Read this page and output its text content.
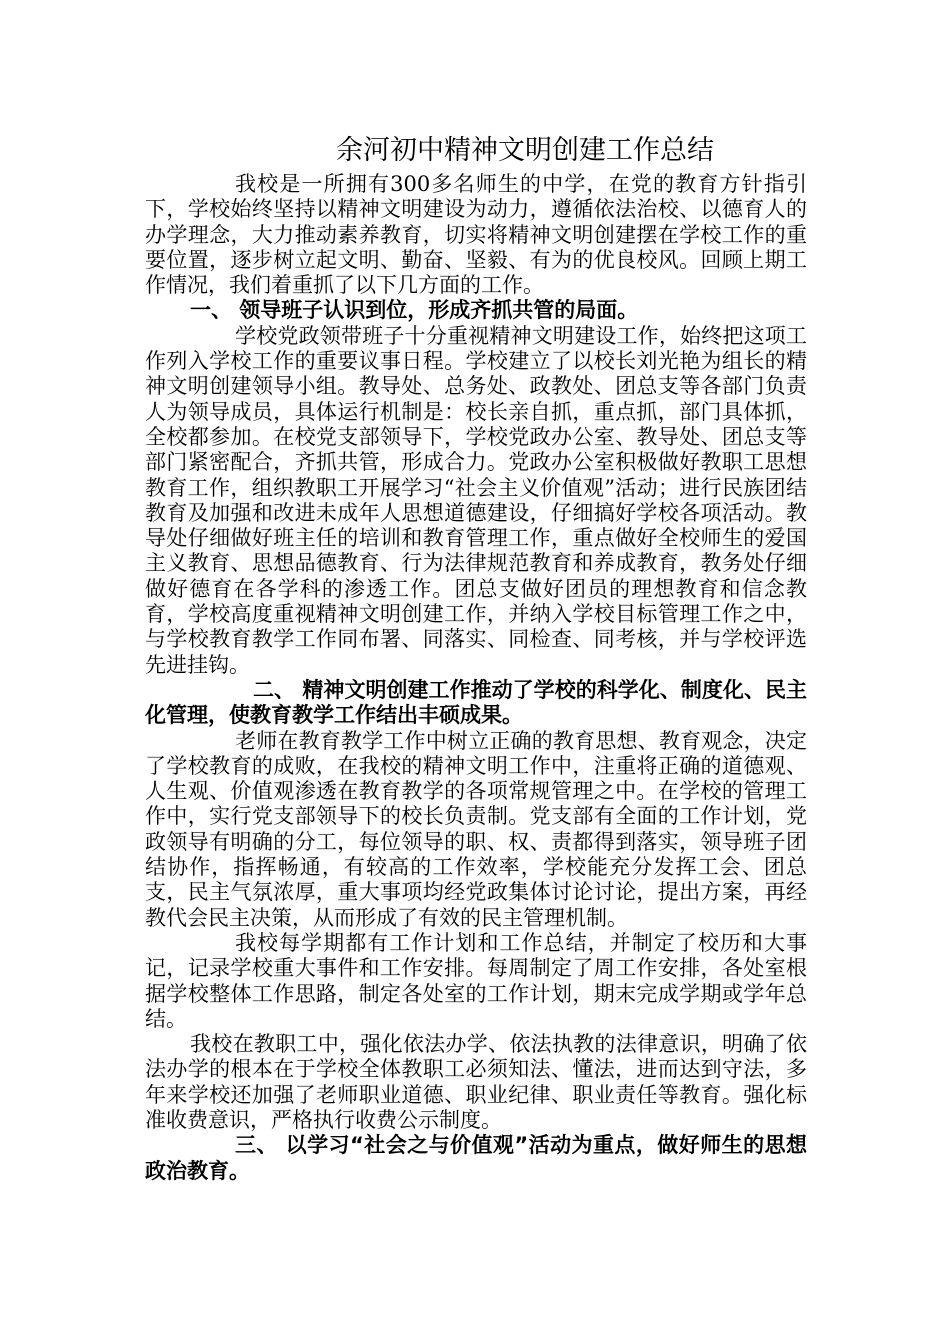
余河初中精神文明创建工作总结

我校是一所拥有300多名师生的中学，在党的教育方针指引下，学校始终坚持以精神文明建设为动力，遵循依法治校、以德育人的办学理念，大力推动素养教育，切实将精神文明创建摆在学校工作的重要位置，逐步树立起文明、勤奋、坚毅、有为的优良校风。回顾上期工作情况，我们着重抓了以下几方面的工作。

一、 领导班子认识到位，形成齐抓共管的局面。

学校党政领带班子十分重视精神文明建设工作，始终把这项工作列入学校工作的重要议事日程。学校建立了以校长刘光艳为组长的精神文明创建领导小组。教导处、总务处、政教处、团总支等各部门负责人为领导成员，具体运行机制是：校长亲自抓，重点抓，部门具体抓，全校都参加。在校党支部领导下，学校党政办公室、教导处、团总支等部门紧密配合，齐抓共管，形成合力。党政办公室积极做好教职工思想教育工作，组织教职工开展学习“社会主义价值观”活动；进行民族团结教育及加强和改进未成年人思想道德建设，仔细搞好学校各项活动。教导处仔细做好班主任的培训和教育管理工作，重点做好全校师生的爱国主义教育、思想品德教育、行为法律规范教育和养成教育，教务处仔细做好德育在各学科的渗透工作。团总支做好团员的理想教育和信念教育，学校高度重视精神文明创建工作，并纳入学校目标管理工作之中，与学校教育教学工作同布署、同落实、同检查、同考核，并与学校评选先进挂钩。

二、 精神文明创建工作推动了学校的科学化、制度化、民主化管理，使教育教学工作结出丰硕成果。

老师在教育教学工作中树立正确的教育思想、教育观念，决定了学校教育的成败，在我校的精神文明工作中，注重将正确的道德观、人生观、价值观渗透在教育教学的各项常规管理之中。在学校的管理工作中，实行党支部领导下的校长负责制。党支部有全面的工作计划，党政领导有明确的分工，每位领导的职、权、责都得到落实，领导班子团结协作，指挥畅通，有较高的工作效率，学校能充分发挥工会、团总支，民主气氛浓厚，重大事项均经党政集体讨论讨论，提出方案，再经教代会民主决策，从而形成了有效的民主管理机制。

我校每学期都有工作计划和工作总结，并制定了校历和大事记，记录学校重大事件和工作安排。每周制定了周工作安排，各处室根据学校整体工作思路，制定各处室的工作计划，期末完成学期或学年总结。

我校在教职工中，强化依法办学、依法执教的法律意识，明确了依法办学的根本在于学校全体教职工必须知法、懂法，进而达到守法，多年来学校还加强了老师职业道德、职业纪律、职业责任等教育。强化标准收费意识，严格执行收费公示制度。

三、 以学习“社会之与价值观”活动为重点，做好师生的思想政治教育。
